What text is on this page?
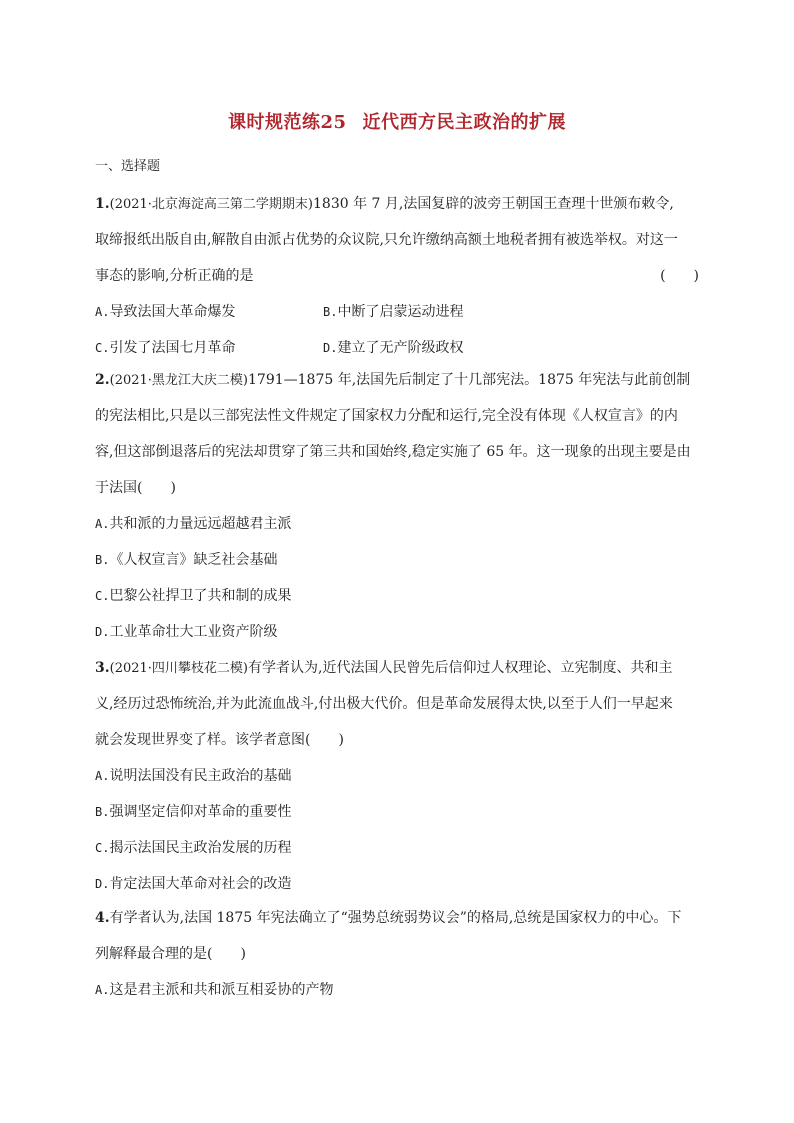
课时规范练25 近代西方民主政治的扩展
一、选择题
1.(2021·北京海淀高三第二学期期末)1830 年 7 月,法国复辟的波旁王朝国王查理十世颁布敕令,
取缔报纸出版自由,解散自由派占优势的众议院,只允许缴纳高额土地税者拥有被选举权。对这一
事态的影响,分析正确的是	(　　)
A.导致法国大革命爆发	B.中断了启蒙运动进程
C.引发了法国七月革命	D.建立了无产阶级政权
2.(2021·黑龙江大庆二模)1791—1875 年,法国先后制定了十几部宪法。1875 年宪法与此前创制
的宪法相比,只是以三部宪法性文件规定了国家权力分配和运行,完全没有体现《人权宣言》的内
容,但这部倒退落后的宪法却贯穿了第三共和国始终,稳定实施了 65 年。这一现象的出现主要是由
于法国(　　)
A.共和派的力量远远超越君主派
B.《人权宣言》缺乏社会基础
C.巴黎公社捍卫了共和制的成果
D.工业革命壮大工业资产阶级
3.(2021·四川攀枝花二模)有学者认为,近代法国人民曾先后信仰过人权理论、立宪制度、共和主
义,经历过恐怖统治,并为此流血战斗,付出极大代价。但是革命发展得太快,以至于人们一早起来
就会发现世界变了样。该学者意图(　　)
A.说明法国没有民主政治的基础
B.强调坚定信仰对革命的重要性
C.揭示法国民主政治发展的历程
D.肯定法国大革命对社会的改造
4.有学者认为,法国 1875 年宪法确立了“强势总统弱势议会”的格局,总统是国家权力的中心。下
列解释最合理的是(　　)
A.这是君主派和共和派互相妥协的产物
